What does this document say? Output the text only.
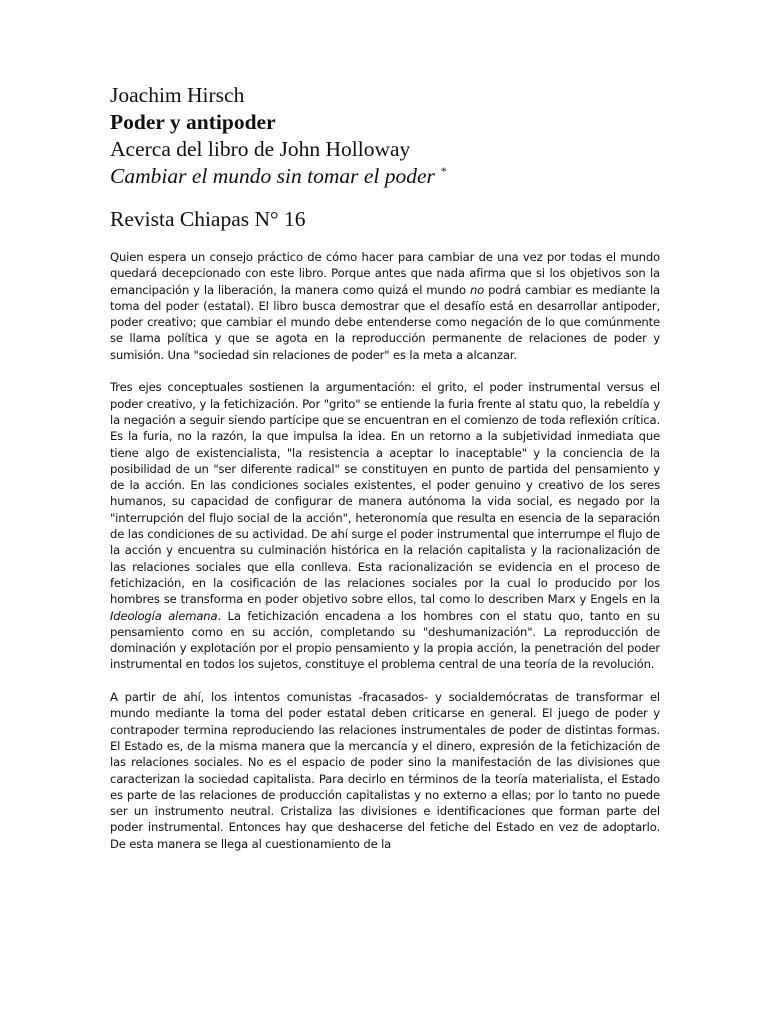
Joachim Hirsch

Poder y antipoder

Acerca del libro de John Holloway

Cambiar el mundo sin tomar el poder *

Revista Chiapas N° 16

Quien espera un consejo práctico de cómo hacer para cambiar de una vez por todas el mundo quedará decepcionado con este libro. Porque antes que nada afirma que si los objetivos son la emancipación y la liberación, la manera como quizá el mundo no podrá cambiar es mediante la toma del poder (estatal). El libro busca demostrar que el desafío está en desarrollar antipoder, poder creativo; que cambiar el mundo debe entenderse como negación de lo que comúnmente se llama política y que se agota en la reproducción permanente de relaciones de poder y sumisión. Una "sociedad sin relaciones de poder" es la meta a alcanzar.

Tres ejes conceptuales sostienen la argumentación: el grito, el poder instrumental versus el poder creativo, y la fetichización. Por "grito" se entiende la furia frente al statu quo, la rebeldía y la negación a seguir siendo partícipe que se encuentran en el comienzo de toda reflexión crítica. Es la furia, no la razón, la que impulsa la idea. En un retorno a la subjetividad inmediata que tiene algo de existencialista, "la resistencia a aceptar lo inaceptable" y la conciencia de la posibilidad de un "ser diferente radical" se constituyen en punto de partida del pensamiento y de la acción. En las condiciones sociales existentes, el poder genuino y creativo de los seres humanos, su capacidad de configurar de manera autónoma la vida social, es negado por la "interrupción del flujo social de la acción", heteronomía que resulta en esencia de la separación de las condiciones de su actividad. De ahí surge el poder instrumental que interrumpe el flujo de la acción y encuentra su culminación histórica en la relación capitalista y la racionalización de las relaciones sociales que ella conlleva. Esta racionalización se evidencia en el proceso de fetichización, en la cosificación de las relaciones sociales por la cual lo producido por los hombres se transforma en poder objetivo sobre ellos, tal como lo describen Marx y Engels en la Ideología alemana. La fetichización encadena a los hombres con el statu quo, tanto en su pensamiento como en su acción, completando su "deshumanización". La reproducción de dominación y explotación por el propio pensamiento y la propia acción, la penetración del poder instrumental en todos los sujetos, constituye el problema central de una teoría de la revolución.

A partir de ahí, los intentos comunistas -fracasados- y socialdemócratas de transformar el mundo mediante la toma del poder estatal deben criticarse en general. El juego de poder y contrapoder termina reproduciendo las relaciones instrumentales de poder de distintas formas. El Estado es, de la misma manera que la mercancía y el dinero, expresión de la fetichización de las relaciones sociales. No es el espacio de poder sino la manifestación de las divisiones que caracterizan la sociedad capitalista. Para decirlo en términos de la teoría materialista, el Estado es parte de las relaciones de producción capitalistas y no externo a ellas; por lo tanto no puede ser un instrumento neutral. Cristaliza las divisiones e identificaciones que forman parte del poder instrumental. Entonces hay que deshacerse del fetiche del Estado en vez de adoptarlo. De esta manera se llega al cuestionamiento de la
